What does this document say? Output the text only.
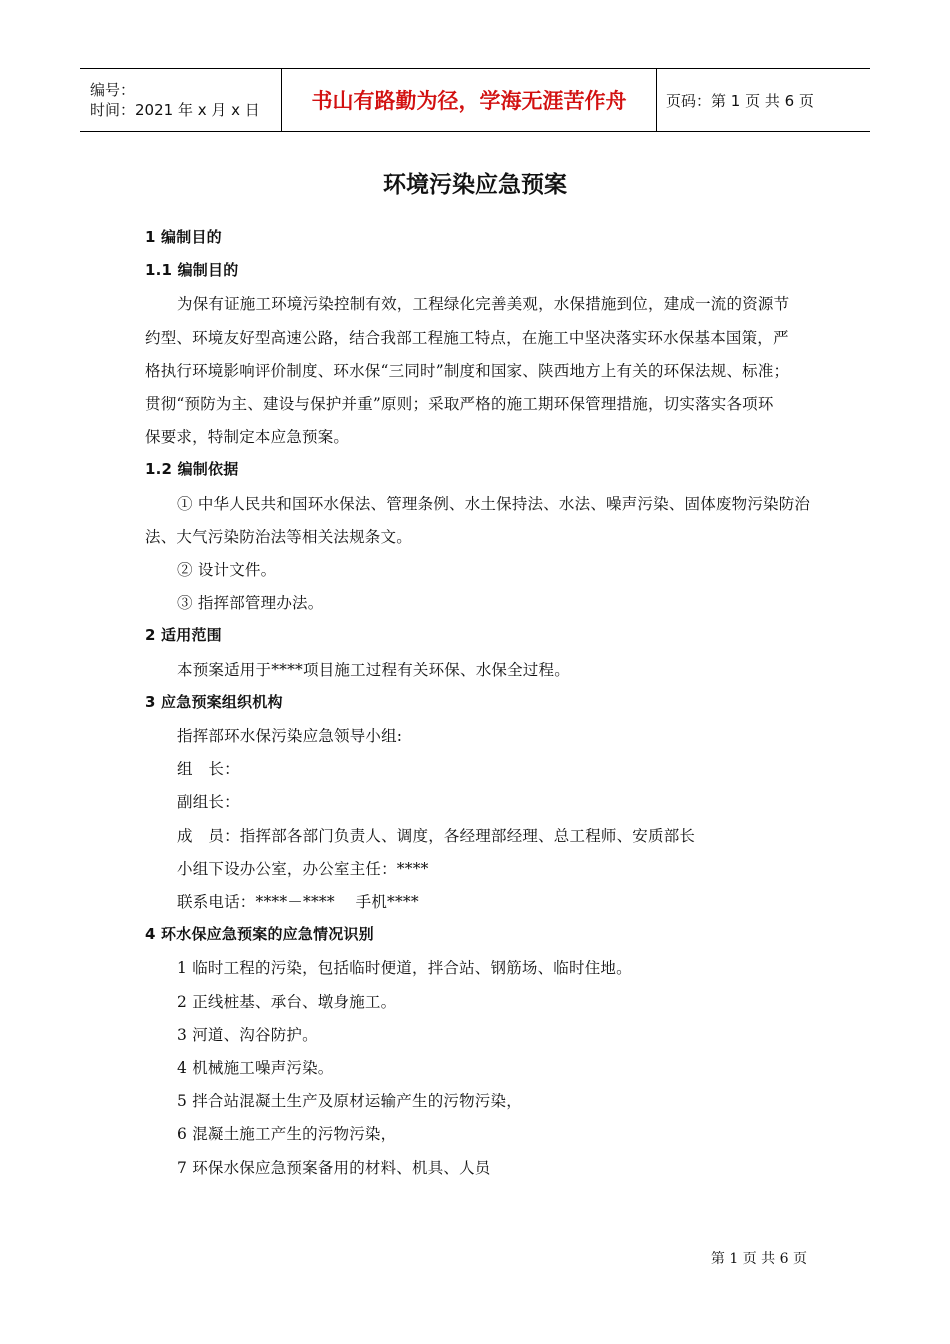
编号：
时间：2021 年 x 月 x 日	书山有路勤为径，学海无涯苦作舟	页码：第 1 页 共 6 页
环境污染应急预案
1 编制目的
1.1 编制目的
为保有证施工环境污染控制有效，工程绿化完善美观，水保措施到位，建成一流的资源节
约型、环境友好型高速公路，结合我部工程施工特点，在施工中坚决落实环水保基本国策，严
格执行环境影响评价制度、环水保“三同时”制度和国家、陕西地方上有关的环保法规、标准；
贯彻“预防为主、建设与保护并重”原则；采取严格的施工期环保管理措施，切实落实各项环
保要求，特制定本应急预案。
1.2 编制依据
① 中华人民共和国环水保法、管理条例、水土保持法、水法、噪声污染、固体废物污染防治
法、大气污染防治法等相关法规条文。
② 设计文件。
③ 指挥部管理办法。
2 适用范围
本预案适用于****项目施工过程有关环保、水保全过程。
3 应急预案组织机构
指挥部环水保污染应急领导小组:
组　长：
副组长：
成　员：指挥部各部门负责人、调度，各经理部经理、总工程师、安质部长
小组下设办公室，办公室主任：****
联系电话：****－****　 手机****
4 环水保应急预案的应急情况识别
1 临时工程的污染，包括临时便道，拌合站、钢筋场、临时住地。
2 正线桩基、承台、墩身施工。
3 河道、沟谷防护。
4 机械施工噪声污染。
5 拌合站混凝土生产及原材运输产生的污物污染，
6 混凝土施工产生的污物污染，
7 环保水保应急预案备用的材料、机具、人员
第 1 页 共 6 页
